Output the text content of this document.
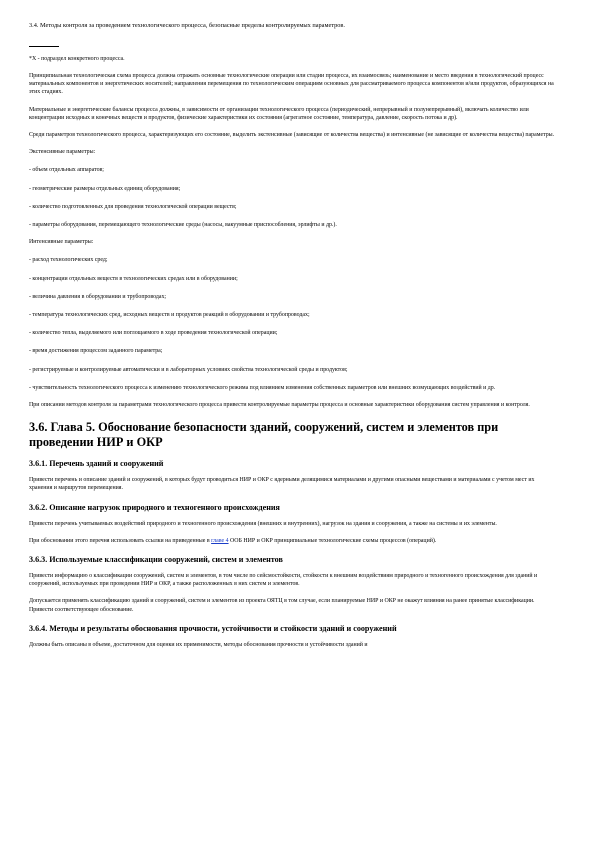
3.4. Методы контроля за проведением технологического процесса, безопасные пределы контролируемых параметров.

*X - подраздел конкретного процесса.

Принципиальная технологическая схема процесса должна отражать основные технологические операции или стадии процесса, их взаимосвязь; наименование и место введения в технологический процесс материальных компонентов и энергетических носителей; направления перемещения по технологическим операциям основных для рассматриваемого процесса компонентов и/или продуктов, образующихся на этих стадиях.

Материальные и энергетические балансы процесса должны, в зависимости от организации технологического процесса (периодический, непрерывный и полунепрерывный), включать количество или концентрации исходных и конечных веществ и продуктов, физические характеристики их состояния (агрегатное состояние, температура, давление, скорость потока и др).

Среди параметров технологического процесса, характеризующих его состояние, выделить экстенсивные (зависящие от количества вещества) и интенсивные (не зависящие от количества вещества) параметры.

Экстенсивные параметры:

- объем отдельных аппаратов;

- геометрические размеры отдельных единиц оборудования;

- количество подготовленных для проведения технологической операции веществ;

- параметры оборудования, перемещающего технологические среды (насосы, вакуумные приспособления, эрлифты и др.).

Интенсивные параметры:

- расход технологических сред;

- концентрации отдельных веществ в технологических средах или в оборудовании;

- величина давления в оборудовании и трубопроводах;

- температура технологических сред, исходных веществ и продуктов реакций в оборудовании и трубопроводах;

- количество тепла, выделяемого или поглощаемого в ходе проведения технологической операции;

- время достижения процессом заданного параметра;

- регистрируемые и контролируемые автоматически и в лабораторных условиях свойства технологической среды и продуктов;

- чувствительность технологического процесса к изменению технологического режима под влиянием изменения собственных параметров или внешних возмущающих воздействий и др.

При описании методов контроля за параметрами технологического процесса привести контролируемые параметры процесса и основные характеристики оборудования систем управления и контроля.

3.6. Глава 5. Обоснование безопасности зданий, сооружений, систем и элементов при проведении НИР и ОКР

3.6.1. Перечень зданий и сооружений

Привести перечень и описание зданий и сооружений, в которых будут проводиться НИР и ОКР с ядерными делящимися материалами и другими опасными веществами и материалами с учетом мест их хранения и маршрутов перемещения.

3.6.2. Описание нагрузок природного и техногенного происхождения

Привести перечень учитываемых воздействий природного и техногенного происхождения (внешних и внутренних), нагрузок на здания и сооружения, а также на системы и их элементы.

При обосновании этого перечня использовать ссылки на приведенные в главе 4 ООБ НИР и ОКР принципиальные технологические схемы процессов (операций).

3.6.3. Используемые классификации сооружений, систем и элементов

Привести информацию о классификации сооружений, систем и элементов, в том числе по сейсмостойкости, стойкости к внешним воздействиям природного и техногенного происхождения для зданий и сооружений, используемых при проведении НИР и ОКР, а также расположенных в них систем и элементов.

Допускается применять классификацию зданий и сооружений, систем и элементов из проекта ОЯТЦ в том случае, если планируемые НИР и ОКР не окажут влияния на ранее принятые классификации. Привести соответствующее обоснование.

3.6.4. Методы и результаты обоснования прочности, устойчивости и стойкости зданий и сооружений

Должны быть описаны в объеме, достаточном для оценки их применимости, методы обоснования прочности и устойчивости зданий и
